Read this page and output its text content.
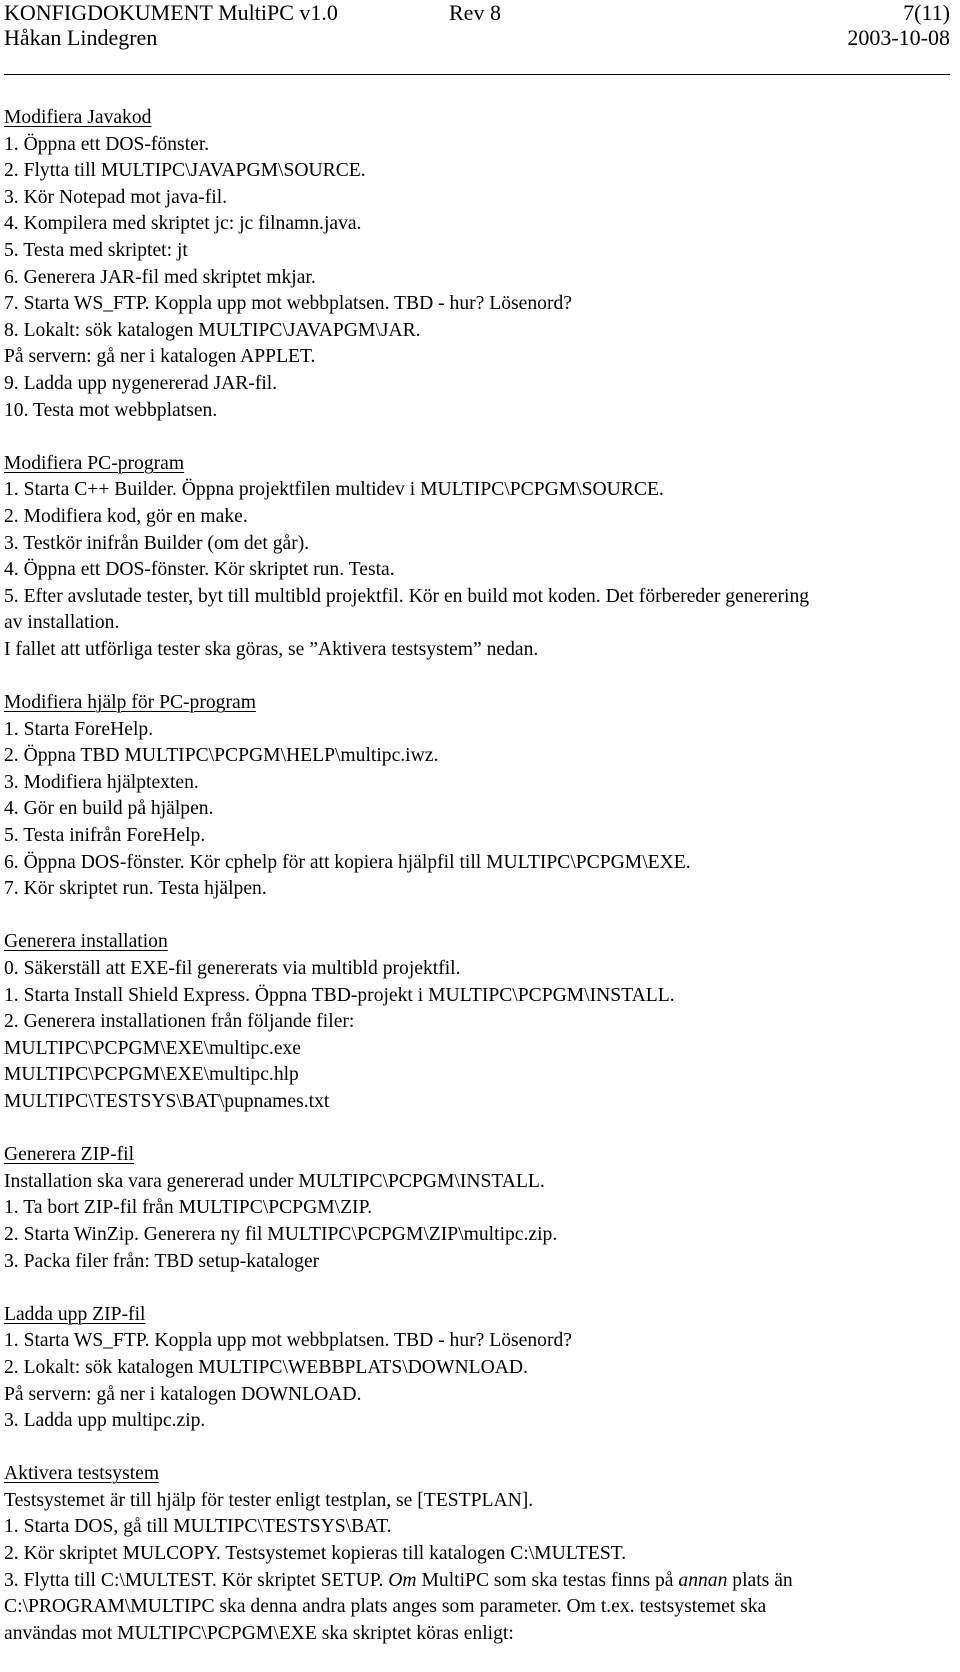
KONFIGDOKUMENT MultiPC v1.0	Rev 8	7(11)
Håkan Lindegren	2003-10-08
Modifiera Javakod
1. Öppna ett DOS-fönster.
2. Flytta till MULTIPC\JAVAPGM\SOURCE.
3. Kör Notepad mot java-fil.
4. Kompilera med skriptet jc: jc filnamn.java.
5. Testa med skriptet: jt
6. Generera JAR-fil med skriptet mkjar.
7. Starta WS_FTP. Koppla upp mot webbplatsen. TBD - hur? Lösenord?
8. Lokalt: sök katalogen MULTIPC\JAVAPGM\JAR.
På servern: gå ner i katalogen APPLET.
9. Ladda upp nygenererad JAR-fil.
10. Testa mot webbplatsen.
Modifiera PC-program
1. Starta C++ Builder. Öppna projektfilen multidev i MULTIPC\PCPGM\SOURCE.
2. Modifiera kod, gör en make.
3. Testkör inifrån Builder (om det går).
4. Öppna ett DOS-fönster. Kör skriptet run. Testa.
5. Efter avslutade tester, byt till multibld projektfil. Kör en build mot koden. Det förbereder generering
av installation.
I fallet att utförliga tester ska göras, se ”Aktivera testsystem” nedan.
Modifiera hjälp för PC-program
1. Starta ForeHelp.
2. Öppna TBD MULTIPC\PCPGM\HELP\multipc.iwz.
3. Modifiera hjälptexten.
4. Gör en build på hjälpen.
5. Testa inifrån ForeHelp.
6. Öppna DOS-fönster. Kör cphelp för att kopiera hjälpfil till MULTIPC\PCPGM\EXE.
7. Kör skriptet run. Testa hjälpen.
Generera installation
0. Säkerställ att EXE-fil genererats via multibld projektfil.
1. Starta Install Shield Express. Öppna TBD-projekt i MULTIPC\PCPGM\INSTALL.
2. Generera installationen från följande filer:
MULTIPC\PCPGM\EXE\multipc.exe
MULTIPC\PCPGM\EXE\multipc.hlp
MULTIPC\TESTSYS\BAT\pupnames.txt
Generera ZIP-fil
Installation ska vara genererad under MULTIPC\PCPGM\INSTALL.
1. Ta bort ZIP-fil från MULTIPC\PCPGM\ZIP.
2. Starta WinZip. Generera ny fil MULTIPC\PCPGM\ZIP\multipc.zip.
3. Packa filer från: TBD setup-kataloger
Ladda upp ZIP-fil
1. Starta WS_FTP. Koppla upp mot webbplatsen. TBD - hur? Lösenord?
2. Lokalt: sök katalogen MULTIPC\WEBBPLATS\DOWNLOAD.
På servern: gå ner i katalogen DOWNLOAD.
3. Ladda upp multipc.zip.
Aktivera testsystem
Testsystemet är till hjälp för tester enligt testplan, se [TESTPLAN].
1. Starta DOS, gå till MULTIPC\TESTSYS\BAT.
2. Kör skriptet MULCOPY. Testsystemet kopieras till katalogen C:\MULTEST.
3. Flytta till C:\MULTEST. Kör skriptet SETUP. Om MultiPC som ska testas finns på annan plats än
C:\PROGRAM\MULTIPC ska denna andra plats anges som parameter. Om t.ex. testsystemet ska
användas mot MULTIPC\PCPGM\EXE ska skriptet köras enligt:
